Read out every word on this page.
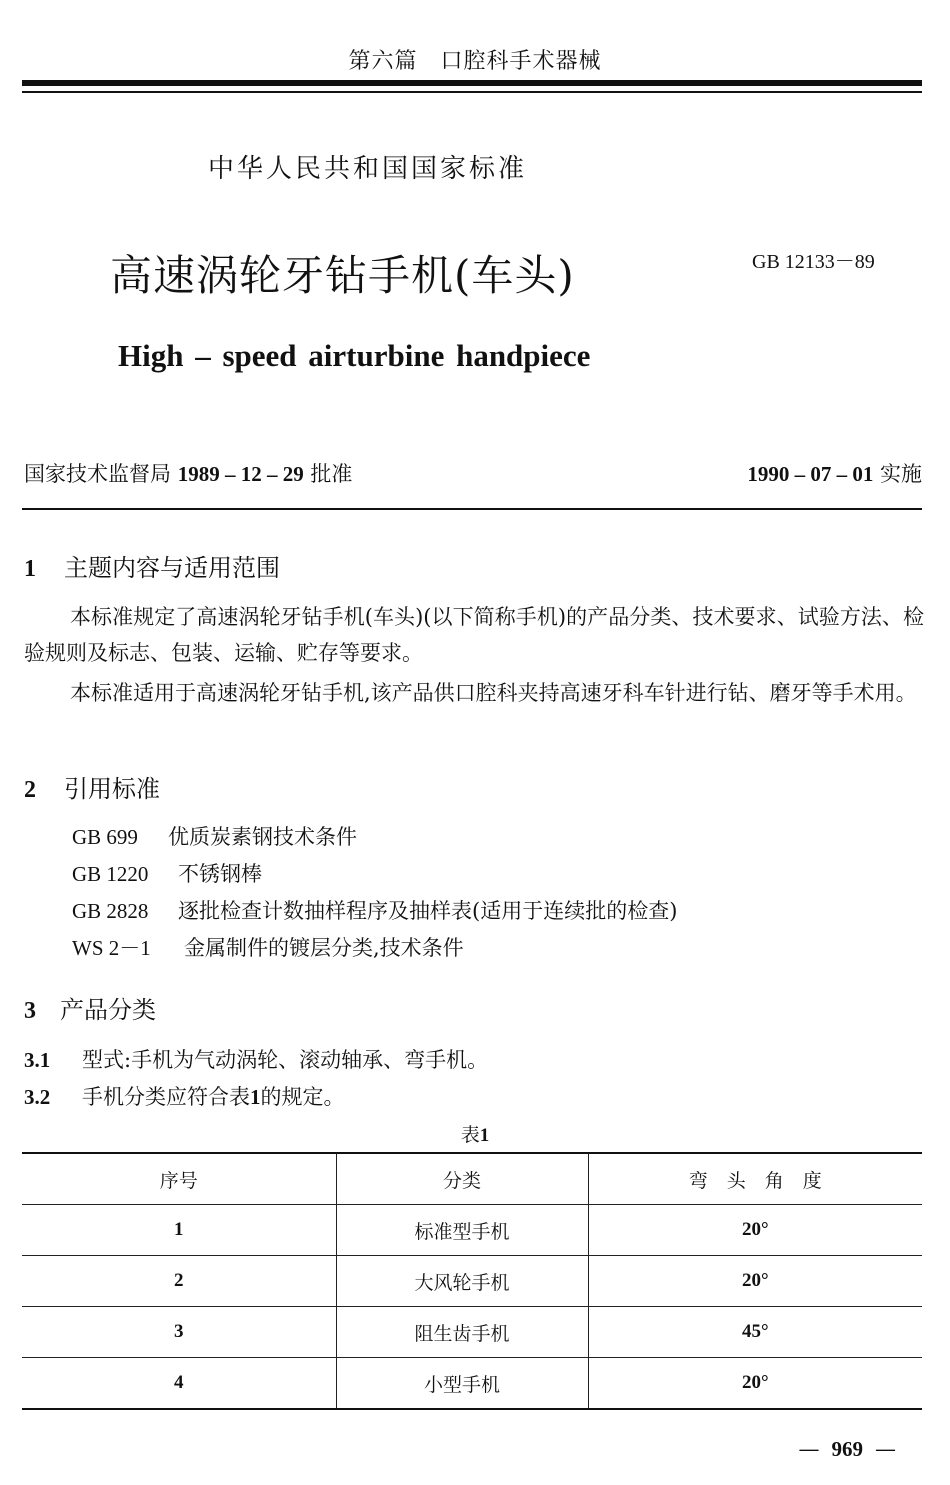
第六篇　口腔科手术器械
中华人民共和国国家标准
高速涡轮牙钻手机(车头)	GB 12133－89
High – speed airturbine handpiece
国家技术监督局 1989 – 12 – 29 批准	1990 – 07 – 01 实施
1 主题内容与适用范围
本标准规定了高速涡轮牙钻手机(车头)(以下简称手机)的产品分类、技术要求、试验方法、检验规则及标志、包装、运输、贮存等要求。
本标准适用于高速涡轮牙钻手机,该产品供口腔科夹持高速牙科车针进行钻、磨牙等手术用。
2 引用标准
GB 699 优质炭素钢技术条件
GB 1220 不锈钢棒
GB 2828 逐批检查计数抽样程序及抽样表(适用于连续批的检查)
WS 2－1 金属制件的镀层分类,技术条件
3 产品分类
3.1 型式:手机为气动涡轮、滚动轴承、弯手机。
3.2 手机分类应符合表1的规定。
表1
序号	分类	弯　头　角　度
1	标准型手机	20°
2	大风轮手机	20°
3	阻生齿手机	45°
4	小型手机	20°
— 969 —
